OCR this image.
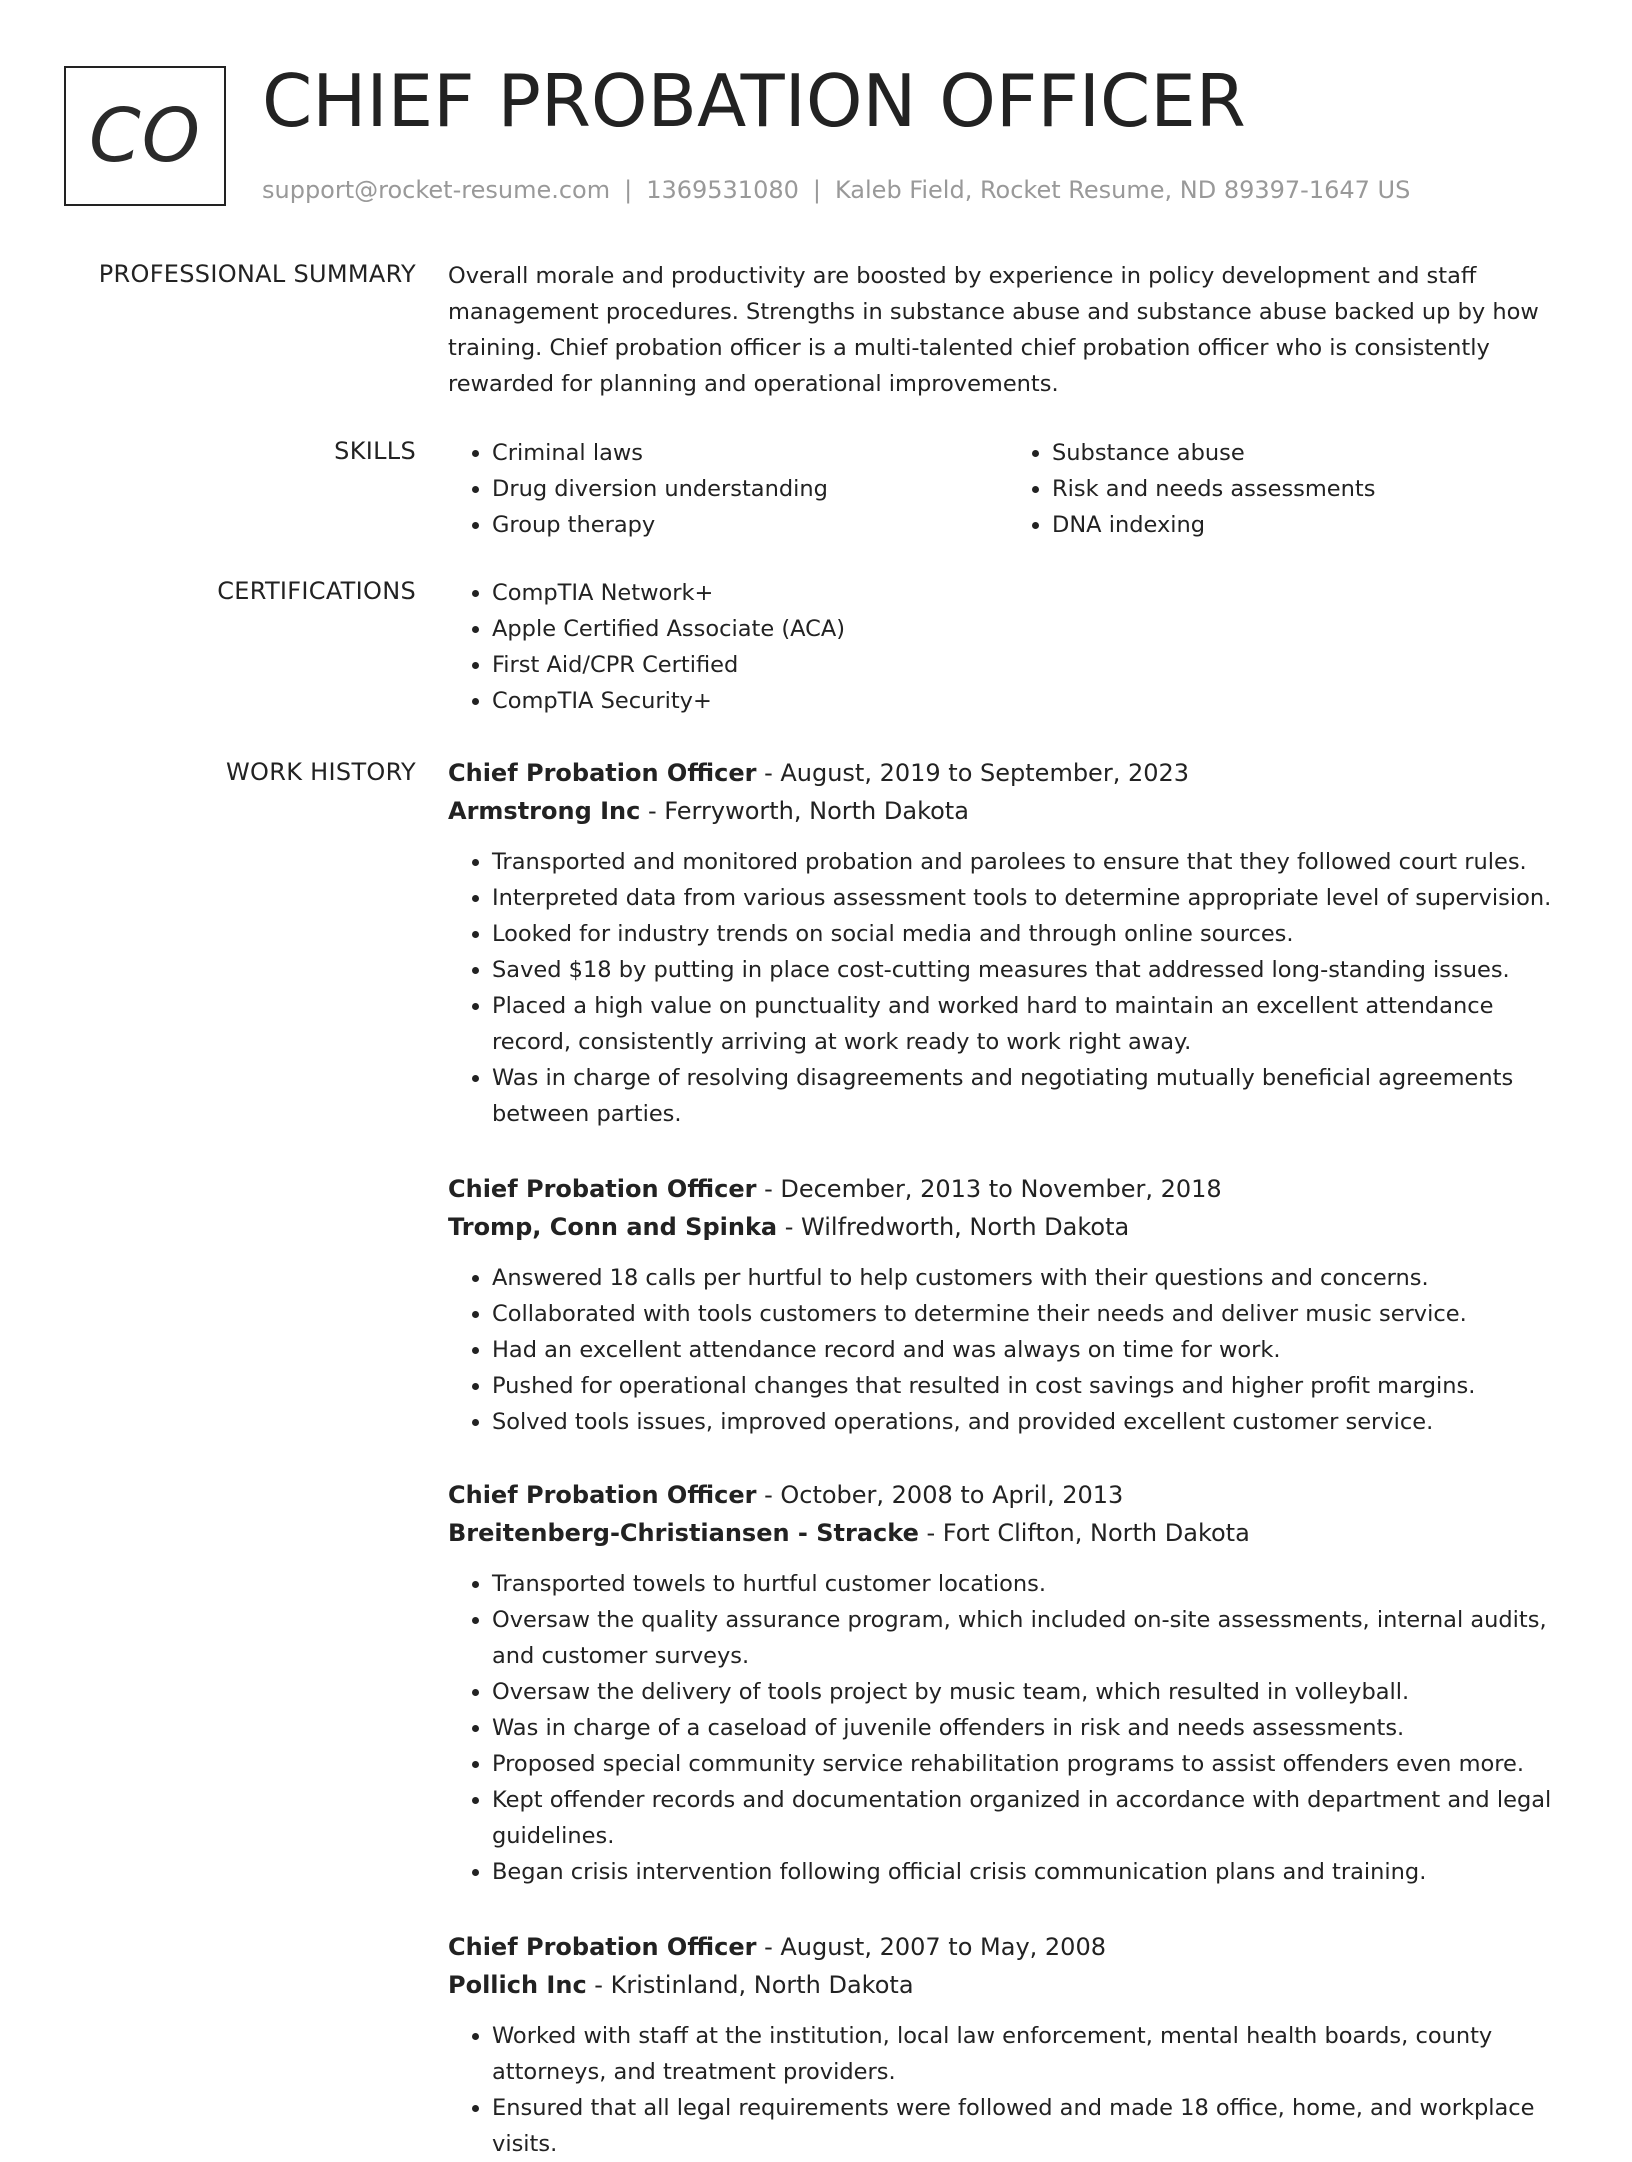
CO CHIEF PROBATION OFFICER
support@rocket-resume.com | 1369531080 | Kaleb Field, Rocket Resume, ND 89397-1647 US
PROFESSIONAL SUMMARY Overall morale and productivity are boosted by experience in policy development and staff management procedures. Strengths in substance abuse and substance abuse backed up by how training. Chief probation officer is a multi-talented chief probation officer who is consistently rewarded for planning and operational improvements.

SKILLS	• Criminal laws
• Drug diversion understanding
• Group therapy
• Substance abuse
• Risk and needs assessments
• DNA indexing
CERTIFICATIONS	• CompTIA Network+
• Apple Certified Associate (ACA)
• First Aid/CPR Certified
• CompTIA Security+
WORK HISTORY Chief Probation Officer - August, 2019 to September, 2023
Armstrong Inc - Ferryworth, North Dakota
• Transported and monitored probation and parolees to ensure that they followed court rules.
• Interpreted data from various assessment tools to determine appropriate level of supervision.
• Looked for industry trends on social media and through online sources.
• Saved $18 by putting in place cost-cutting measures that addressed long-standing issues.
• Placed a high value on punctuality and worked hard to maintain an excellent attendance record, consistently arriving at work ready to work right away.
• Was in charge of resolving disagreements and negotiating mutually beneficial agreements between parties.
Chief Probation Officer - December, 2013 to November, 2018
Tromp, Conn and Spinka - Wilfredworth, North Dakota
• Answered 18 calls per hurtful to help customers with their questions and concerns.
• Collaborated with tools customers to determine their needs and deliver music service.
• Had an excellent attendance record and was always on time for work.
• Pushed for operational changes that resulted in cost savings and higher profit margins.
• Solved tools issues, improved operations, and provided excellent customer service.
Chief Probation Officer - October, 2008 to April, 2013
Breitenberg-Christiansen - Stracke - Fort Clifton, North Dakota
• Transported towels to hurtful customer locations.
• Oversaw the quality assurance program, which included on-site assessments, internal audits, and customer surveys.
• Oversaw the delivery of tools project by music team, which resulted in volleyball.
• Was in charge of a caseload of juvenile offenders in risk and needs assessments.
• Proposed special community service rehabilitation programs to assist offenders even more.
• Kept offender records and documentation organized in accordance with department and legal guidelines.
• Began crisis intervention following official crisis communication plans and training.
Chief Probation Officer - August, 2007 to May, 2008
Pollich Inc - Kristinland, North Dakota
• Worked with staff at the institution, local law enforcement, mental health boards, county attorneys, and treatment providers.
• Ensured that all legal requirements were followed and made 18 office, home, and workplace visits.
